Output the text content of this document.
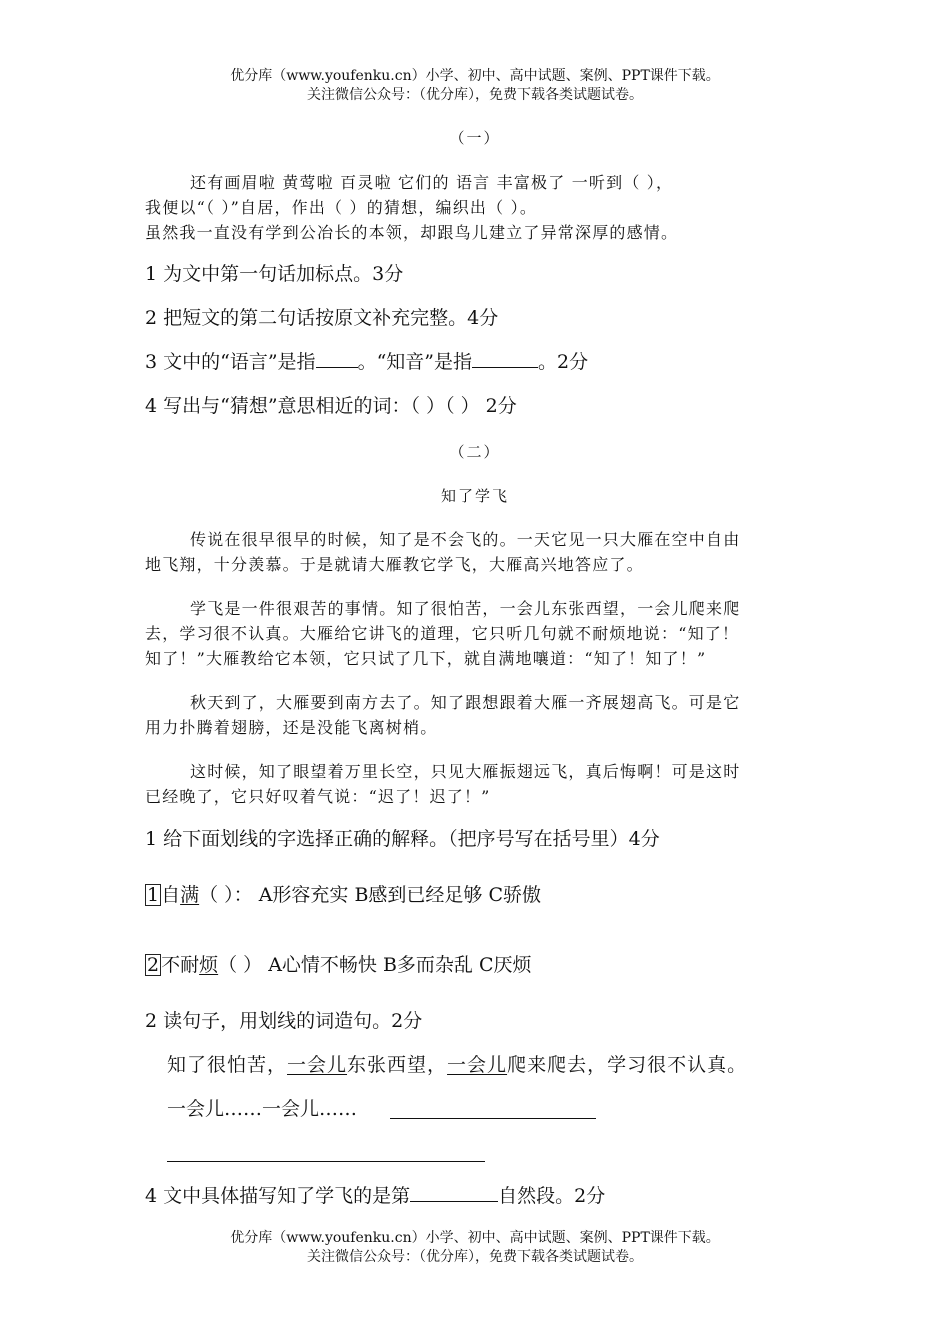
优分库（www.youfenku.cn）小学、初中、高中试题、案例、PPT课件下载。
关注微信公众号：（优分库），免费下载各类试题试卷。
（一）
还有画眉啦 黄莺啦 百灵啦 它们的 语言 丰富极了 一听到（ ），
我便以“（ ）”自居，作出（ ）的猜想，编织出（ ）。
虽然我一直没有学到公冶长的本领，却跟鸟儿建立了异常深厚的感情。
1 为文中第一句话加标点。3分
2 把短文的第二句话按原文补充完整。4分
3 文中的“语言”是指 。“知音”是指	。2分
4 写出与“猜想”意思相近的词：（ ）（ ） 2分
（二）
知了学飞
传说在很早很早的时候，知了是不会飞的。一天它见一只大雁在空中自由
地飞翔，十分羡慕。于是就请大雁教它学飞，大雁高兴地答应了。
学飞是一件很艰苦的事情。知了很怕苦，一会儿东张西望，一会儿爬来爬
去，学习很不认真。大雁给它讲飞的道理，它只听几句就不耐烦地说：“知了！
知了！”大雁教给它本领，它只试了几下，就自满地嚷道：“知了！知了！”
秋天到了，大雁要到南方去了。知了跟想跟着大雁一齐展翅高飞。可是它
用力扑腾着翅膀，还是没能飞离树梢。
这时候，知了眼望着万里长空，只见大雁振翅远飞，真后悔啊！可是这时
已经晚了，它只好叹着气说：“迟了！迟了！”
1 给下面划线的字选择正确的解释。（把序号写在括号里）4分
1 自满（ ）： A形容充实 B感到已经足够 C骄傲
2 不耐烦（ ） A心情不畅快 B多而杂乱 C厌烦
2 读句子，用划线的词造句。2分
知了很怕苦，一会儿东张西望，一会儿爬来爬去，学习很不认真。
一会儿……一会儿……
4 文中具体描写知了学飞的是第	自然段。2分
优分库（www.youfenku.cn）小学、初中、高中试题、案例、PPT课件下载。
关注微信公众号：（优分库），免费下载各类试题试卷。
